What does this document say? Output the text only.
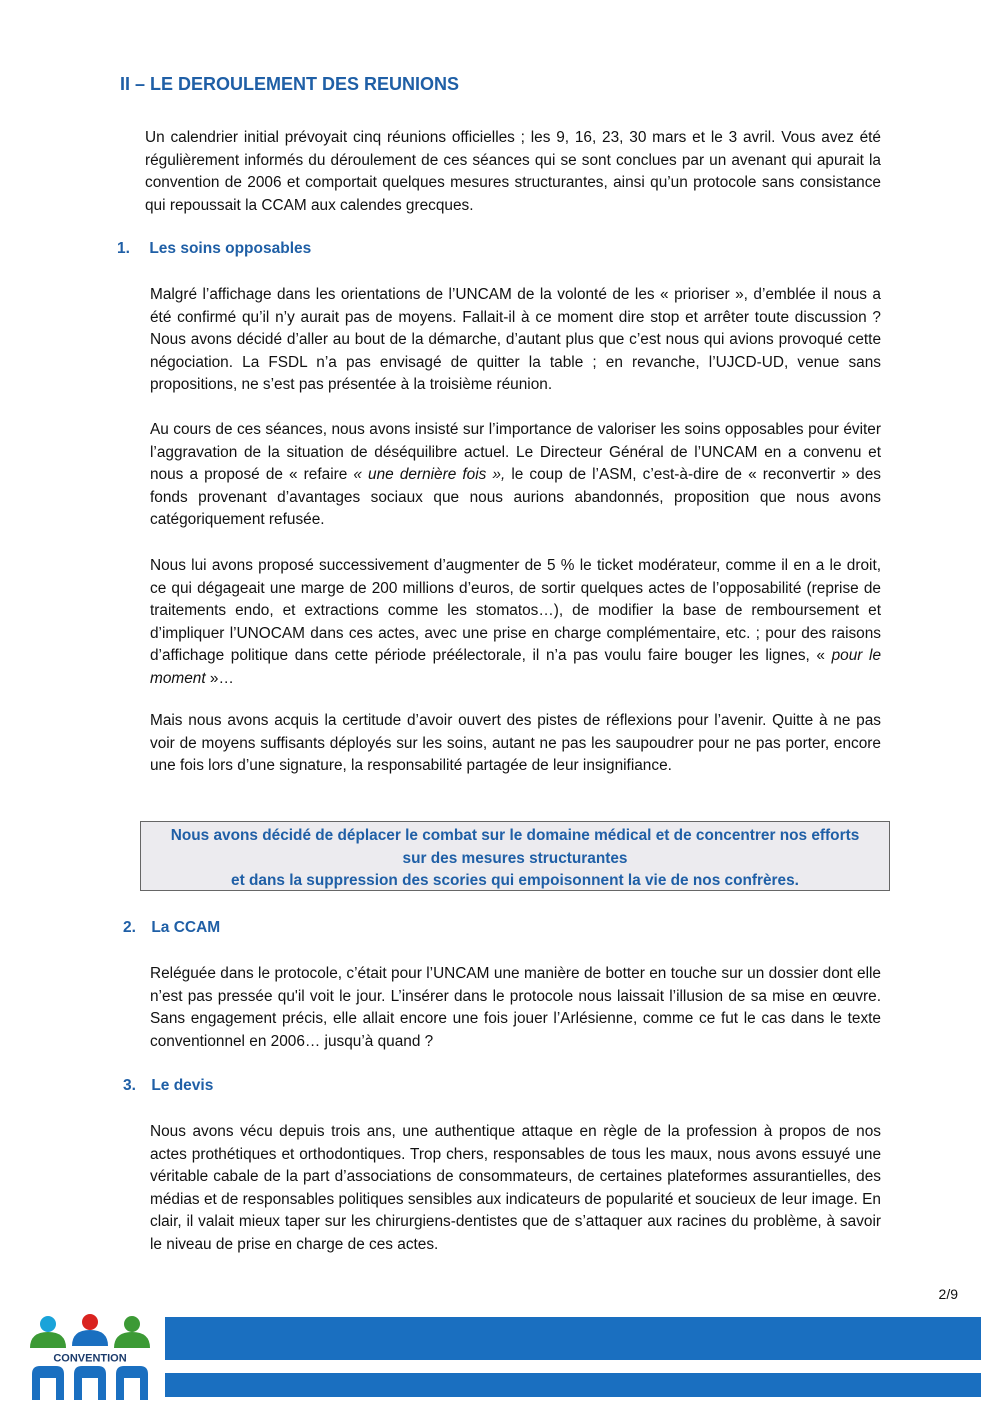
II – LE DEROULEMENT DES REUNIONS

Un calendrier initial prévoyait cinq réunions officielles ; les 9, 16, 23, 30 mars et le 3 avril. Vous avez été régulièrement informés du déroulement de ces séances qui se sont conclues par un avenant qui apurait la convention de 2006 et comportait quelques mesures structurantes, ainsi qu’un protocole sans consistance qui repoussait la CCAM aux calendes grecques.

1. Les soins opposables

Malgré l’affichage dans les orientations de l’UNCAM de la volonté de les « prioriser », d’emblée il nous a été confirmé qu’il n’y aurait pas de moyens. Fallait-il à ce moment dire stop et arrêter toute discussion ? Nous avons décidé d’aller au bout de la démarche, d’autant plus que c’est nous qui avions provoqué cette négociation. La FSDL n’a pas envisagé de quitter la table ; en revanche, l’UJCD-UD, venue sans propositions, ne s’est pas présentée à la troisième réunion.

Au cours de ces séances, nous avons insisté sur l’importance de valoriser les soins opposables pour éviter l’aggravation de la situation de déséquilibre actuel. Le Directeur Général de l’UNCAM en a convenu et nous a proposé de « refaire « une dernière fois », le coup de l’ASM, c’est-à-dire de « reconvertir » des fonds provenant d’avantages sociaux que nous aurions abandonnés, proposition que nous avons catégoriquement refusée.

Nous lui avons proposé successivement d’augmenter de 5 % le ticket modérateur, comme il en a le droit, ce qui dégageait une marge de 200 millions d’euros, de sortir quelques actes de l’opposabilité (reprise de traitements endo, et extractions comme les stomatos…), de modifier la base de remboursement et d’impliquer l’UNOCAM dans ces actes, avec une prise en charge complémentaire, etc. ; pour des raisons d’affichage politique dans cette période préélectorale, il n’a pas voulu faire bouger les lignes, « pour le moment »…

Mais nous avons acquis la certitude d’avoir ouvert des pistes de réflexions pour l’avenir. Quitte à ne pas voir de moyens suffisants déployés sur les soins, autant ne pas les saupoudrer pour ne pas porter, encore une fois lors d’une signature, la responsabilité partagée de leur insignifiance.

Nous avons décidé de déplacer le combat sur le domaine médical et de concentrer nos efforts
sur des mesures structurantes
et dans la suppression des scories qui empoisonnent la vie de nos confrères.
2. La CCAM

Reléguée dans le protocole, c’était pour l’UNCAM une manière de botter en touche sur un dossier dont elle n’est pas pressée qu'il voit le jour. L’insérer dans le protocole nous laissait l’illusion de sa mise en œuvre. Sans engagement précis, elle allait encore une fois jouer l’Arlésienne, comme ce fut le cas dans le texte conventionnel en 2006… jusqu’à quand ?

3. Le devis

Nous avons vécu depuis trois ans, une authentique attaque en règle de la profession à propos de nos actes prothétiques et orthodontiques. Trop chers, responsables de tous les maux, nous avons essuyé une véritable cabale de la part d’associations de consommateurs, de certaines plateformes assurantielles, des médias et de responsables politiques sensibles aux indicateurs de popularité et soucieux de leur image. En clair, il valait mieux taper sur les chirurgiens-dentistes que de s’attaquer aux racines du problème, à savoir le niveau de prise en charge de ces actes.

2/9
CONVENTION
